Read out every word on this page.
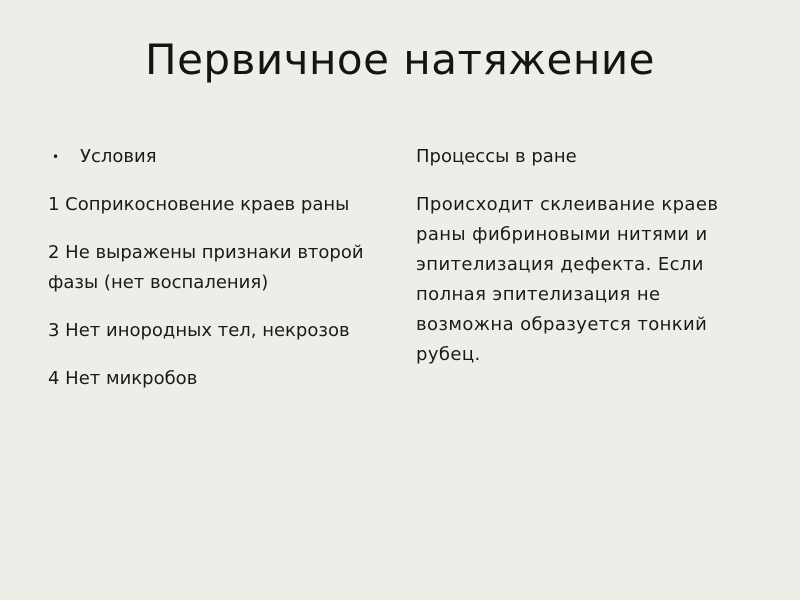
Первичное натяжение
• Условия
1 Соприкосновение краев раны
2 Не выражены признаки второй фазы (нет воспаления)
3 Нет инородных тел, некрозов
4 Нет микробов
Процессы в ране
Происходит склеивание краев раны фибриновыми нитями и эпителизация дефекта. Если полная эпителизация не возможна образуется тонкий рубец.
